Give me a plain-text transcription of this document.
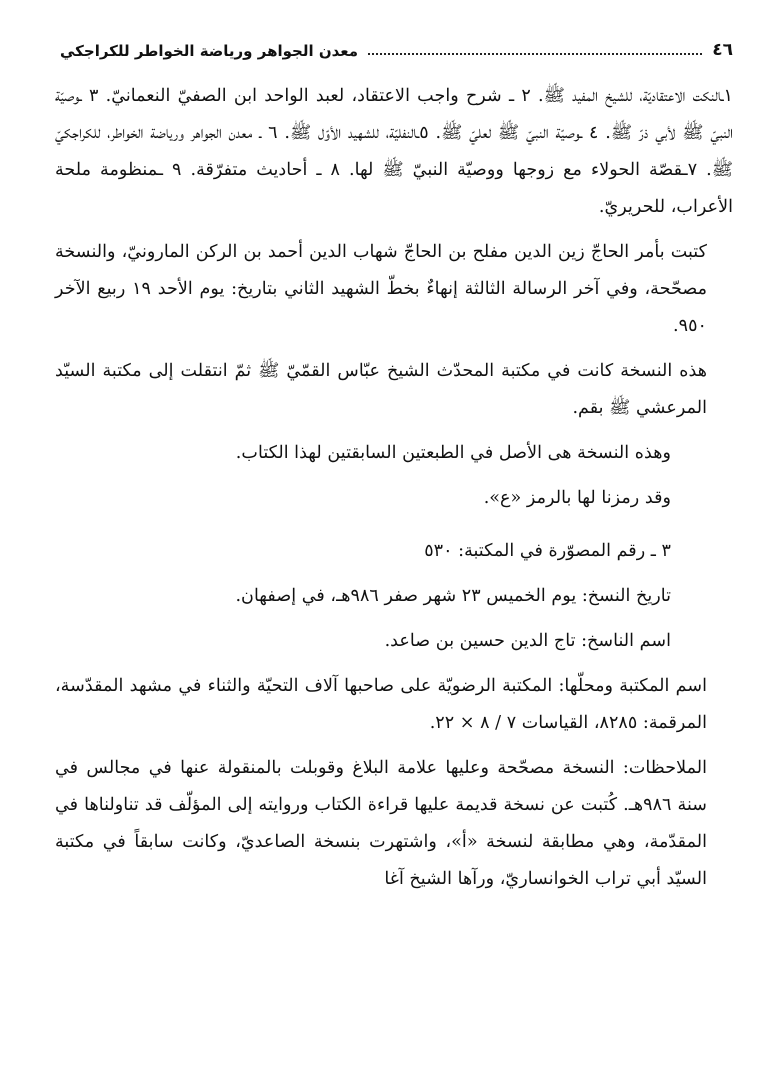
٤٦
معدن الجواهر ورياضة الخواطر للكراجكي

١ـالنكت الاعتقاديّة، للشيخ المفيد ﷺ. ٢ ـ شرح واجب الاعتقاد، لعبد الواحد ابن الصفيّ النعمانيّ. ٣ ـوصيّة النبيّ ﷺ لأبي ذرّ ﷺ. ٤ ـوصيّة النبيّ ﷺ لعليّ ﷺ. ٥ـالنفليّة، للشهيد الأوّل ﷺ. ٦ ـ معدن الجواهر ورياضة الخواطر، للكراجكيّ ﷺ. ٧ـقصّة الحولاء مع زوجها ووصيّة النبيّ ﷺ لها. ٨ ـ أحاديث متفرّقة. ٩ ـمنظومة ملحة الأعراب، للحريريّ.

كتبت بأمر الحاجّ زين الدين مفلح بن الحاجّ شهاب الدين أحمد بن الركن المارونيّ، والنسخة مصحّحة، وفي آخر الرسالة الثالثة إنهاءٌ بخطّ الشهيد الثاني بتاريخ: يوم الأحد ١٩ ربيع الآخر ٩٥٠.

هذه النسخة كانت في مكتبة المحدّث الشيخ عبّاس القمّيّ ﷺ ثمّ انتقلت إلى مكتبة السيّد المرعشي ﷺ بقم.

وهذه النسخة هى الأصل في الطبعتين السابقتين لهذا الكتاب.

وقد رمزنا لها بالرمز «ع».

٣ ـ رقم المصوّرة في المكتبة: ٥٣٠

تاريخ النسخ: يوم الخميس ٢٣ شهر صفر ٩٨٦هـ، في إصفهان.

اسم الناسخ: تاج الدين حسين بن صاعد.

اسم المكتبة ومحلّها: المكتبة الرضويّة على صاحبها آلاف التحيّة والثناء في مشهد المقدّسة، المرقمة: ٨٢٨٥، القياسات ٧ / ٨ × ٢٢.

الملاحظات: النسخة مصحّحة وعليها علامة البلاغ وقوبلت بالمنقولة عنها في مجالس في سنة ٩٨٦هـ. كُتبت عن نسخة قديمة عليها قراءة الكتاب وروايته إلى المؤلّف قد تناولناها في المقدّمة، وهي مطابقة لنسخة «أ»، واشتهرت بنسخة الصاعديّ، وكانت سابقاً في مكتبة السيّد أبي تراب الخوانساريّ، ورآها الشيخ آغا
